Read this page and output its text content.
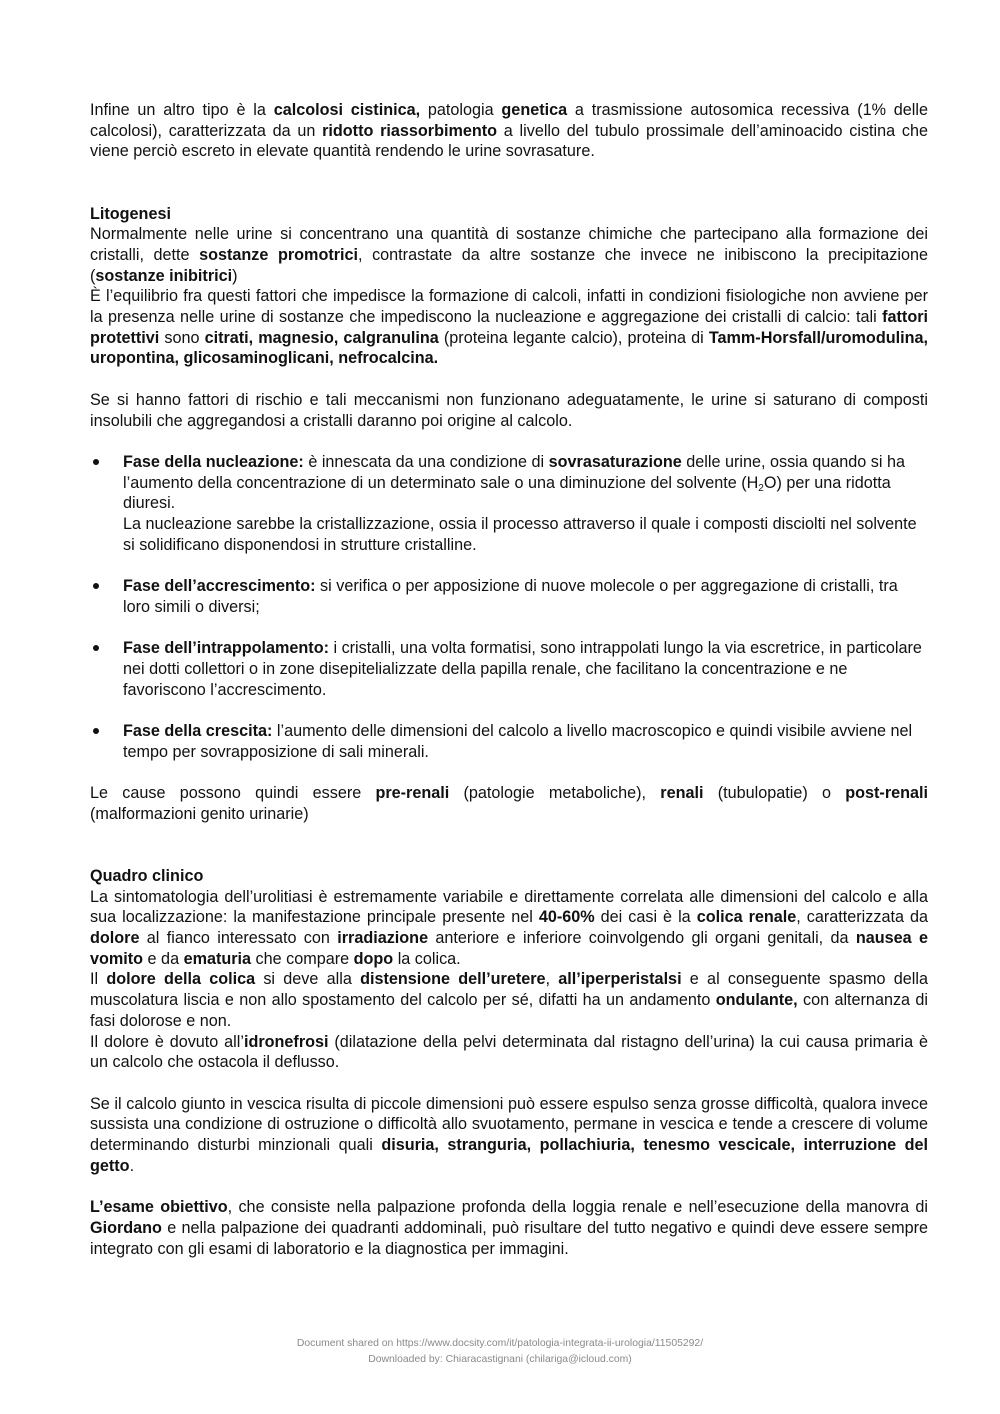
Infine un altro tipo è la calcolosi cistinica, patologia genetica a trasmissione autosomica recessiva (1% delle calcolosi), caratterizzata da un ridotto riassorbimento a livello del tubulo prossimale dell’aminoacido cistina che viene perciò escreto in elevate quantità rendendo le urine sovrasature.

Litogenesi

Normalmente nelle urine si concentrano una quantità di sostanze chimiche che partecipano alla formazione dei cristalli, dette sostanze promotrici, contrastate da altre sostanze che invece ne inibiscono la precipitazione (sostanze inibitrici)

È l’equilibrio fra questi fattori che impedisce la formazione di calcoli, infatti in condizioni fisiologiche non avviene per la presenza nelle urine di sostanze che impediscono la nucleazione e aggregazione dei cristalli di calcio: tali fattori protettivi sono citrati, magnesio, calgranulina (proteina legante calcio), proteina di Tamm-Horsfall/uromodulina, uropontina, glicosaminoglicani, nefrocalcina.

Se si hanno fattori di rischio e tali meccanismi non funzionano adeguatamente, le urine si saturano di composti insolubili che aggregandosi a cristalli daranno poi origine al calcolo.

Fase della nucleazione: è innescata da una condizione di sovrasaturazione delle urine, ossia quando si ha l’aumento della concentrazione di un determinato sale o una diminuzione del solvente $(H_2O)$ per una ridotta diuresi.

La nucleazione sarebbe la cristallizzazione, ossia il processo attraverso il quale i composti disciolti nel solvente si solidificano disponendosi in strutture cristalline.

Fase dell’accrescimento: si verifica o per apposizione di nuove molecole o per aggregazione di cristalli, tra loro simili o diversi;

Fase dell’intrappolamento: i cristalli, una volta formatisi, sono intrappolati lungo la via escretrice, in particolare nei dotti collettori o in zone disepitelializzate della papilla renale, che facilitano la concentrazione e ne favoriscono l’accrescimento.

Fase della crescita: l’aumento delle dimensioni del calcolo a livello macroscopico e quindi visibile avviene nel tempo per sovrapposizione di sali minerali.

Le cause possono quindi essere pre-renali (patologie metaboliche), renali (tubulopatie) o post-renali (malformazioni genito urinarie)

Quadro clinico

La sintomatologia dell’urolitiasi è estremamente variabile e direttamente correlata alle dimensioni del calcolo e alla sua localizzazione: la manifestazione principale presente nel 40-60% dei casi è la colica renale, caratterizzata da dolore al fianco interessato con irradiazione anteriore e inferiore coinvolgendo gli organi genitali, da nausea e vomito e da ematuria che compare dopo la colica.

Il dolore della colica si deve alla distensione dell’uretere, all’iperperistalsi e al conseguente spasmo della muscolatura liscia e non allo spostamento del calcolo per sé, difatti ha un andamento ondulante, con alternanza di fasi dolorose e non.

Il dolore è dovuto all’idronefrosi (dilatazione della pelvi determinata dal ristagno dell’urina) la cui causa primaria è un calcolo che ostacola il deflusso.

Se il calcolo giunto in vescica risulta di piccole dimensioni può essere espulso senza grosse difficoltà, qualora invece sussista una condizione di ostruzione o difficoltà allo svuotamento, permane in vescica e tende a crescere di volume determinando disturbi minzionali quali disuria, stranguria, pollachiuria, tenesmo vescicale, interruzione del getto.

L’esame obiettivo, che consiste nella palpazione profonda della loggia renale e nell’esecuzione della manovra di Giordano e nella palpazione dei quadranti addominali, può risultare del tutto negativo e quindi deve essere sempre integrato con gli esami di laboratorio e la diagnostica per immagini.

Document shared on https://www.docsity.com/it/patologia-integrata-ii-urologia/11505292/
Downloaded by: Chiaracastignani (chilariga@icloud.com)
